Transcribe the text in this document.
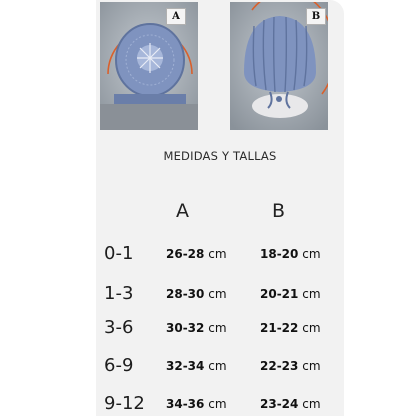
A	B
MEDIDAS Y TALLAS
A	B
0-1	26-28 cm	18-20 cm
1-3	28-30 cm	20-21 cm
3-6	30-32 cm	21-22 cm
6-9	32-34 cm	22-23 cm
9-12 34-36 cm	23-24 cm
